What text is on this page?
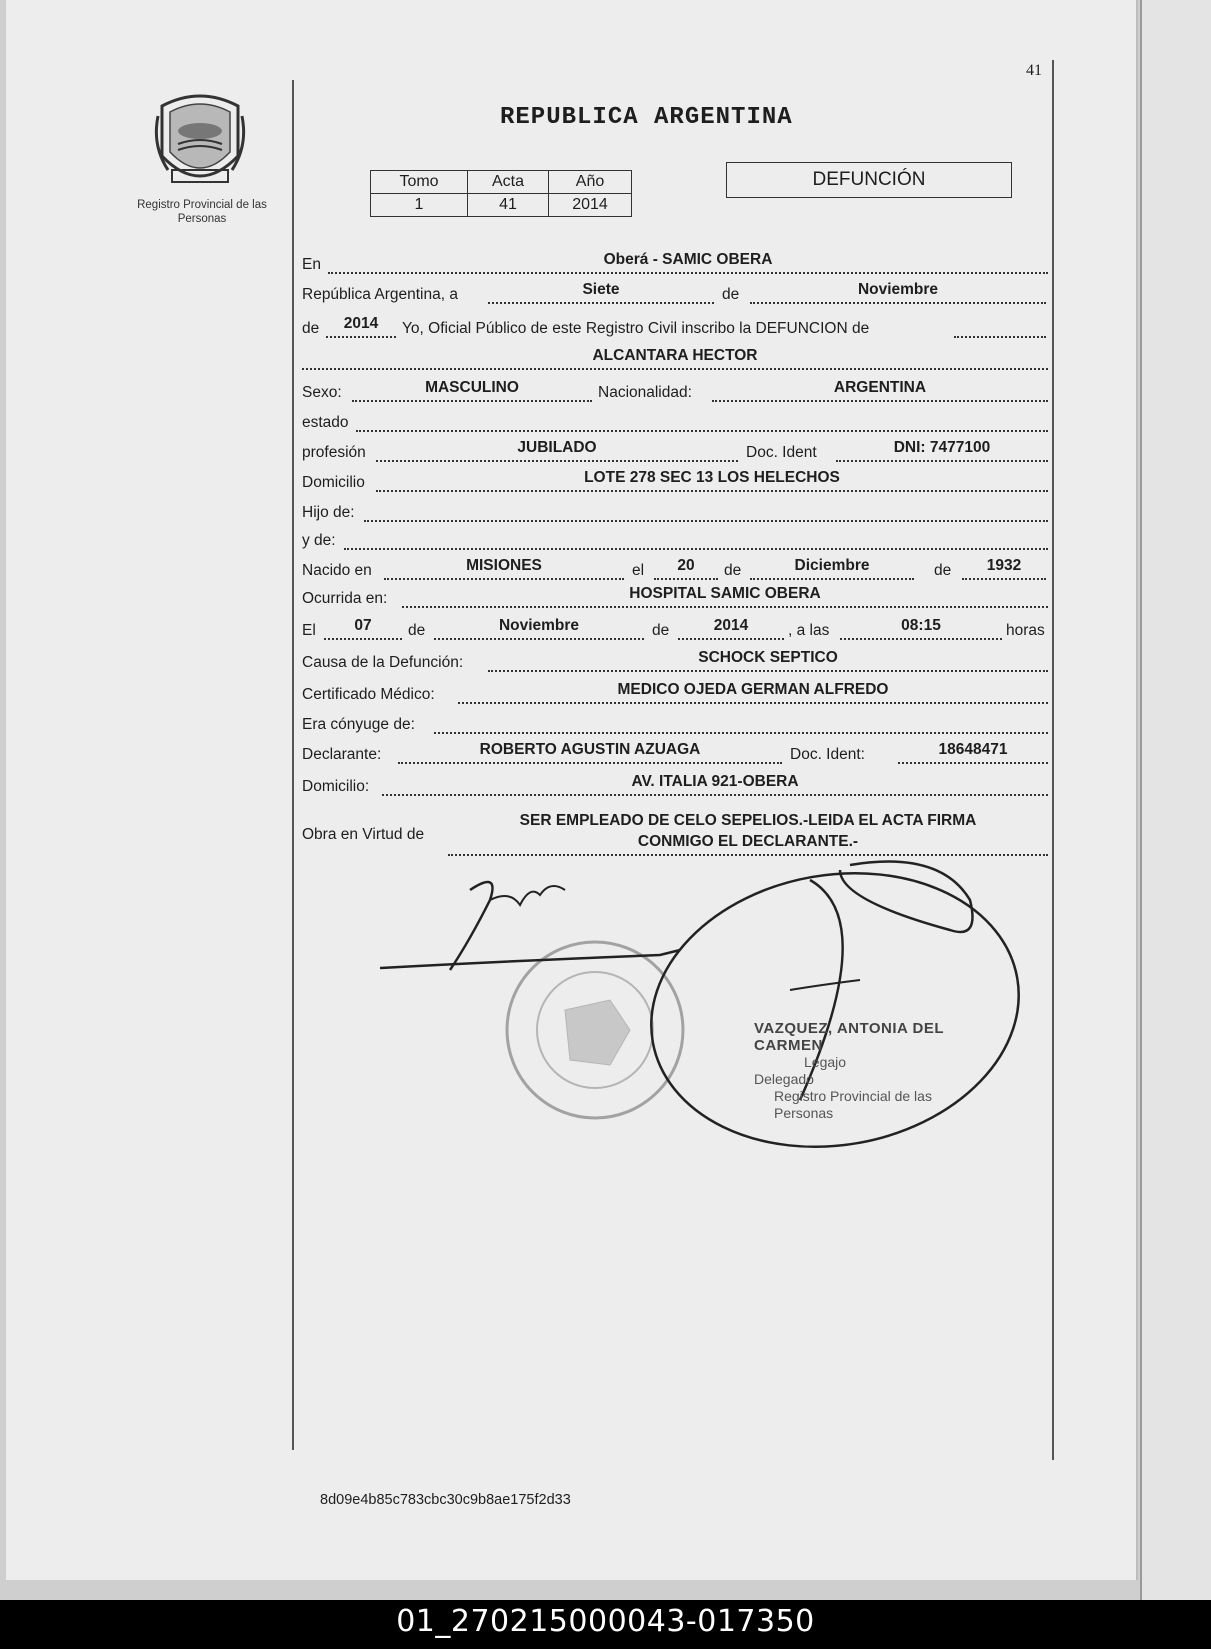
41
Registro Provincial de las Personas
REPUBLICA ARGENTINA
Tomo	Acta	Año
1	41	2014
DEFUNCIÓN
En	Oberá - SAMIC OBERA
República Argentina, a	Siete	de	Noviembre
de	2014	Yo, Oficial Público de este Registro Civil inscribo la DEFUNCION de
ALCANTARA HECTOR
Sexo:	MASCULINO	Nacionalidad:	ARGENTINA
estado
profesión	JUBILADO	Doc. Ident	DNI: 7477100
Domicilio	LOTE 278 SEC 13 LOS HELECHOS
Hijo de:
y de:
Nacido en	MISIONES	el	20	de	Diciembre	de	1932
Ocurrida en:	HOSPITAL SAMIC OBERA
El	07	de	Noviembre	de	2014	, a las	08:15	horas
Causa de la Defunción:	SCHOCK SEPTICO
Certificado Médico:	MEDICO OJEDA GERMAN ALFREDO
Era cónyuge de:
Declarante:	ROBERTO AGUSTIN AZUAGA	Doc. Ident:	18648471
Domicilio:	AV. ITALIA 921-OBERA
Obra en Virtud de
SER EMPLEADO DE CELO SEPELIOS.-LEIDA EL ACTA FIRMA
CONMIGO EL DECLARANTE.-
VAZQUEZ, ANTONIA DEL CARMEN
Legajo
Delegado
Registro Provincial de las Personas
8d09e4b85c783cbc30c9b8ae175f2d33
01_270215000043-017350
